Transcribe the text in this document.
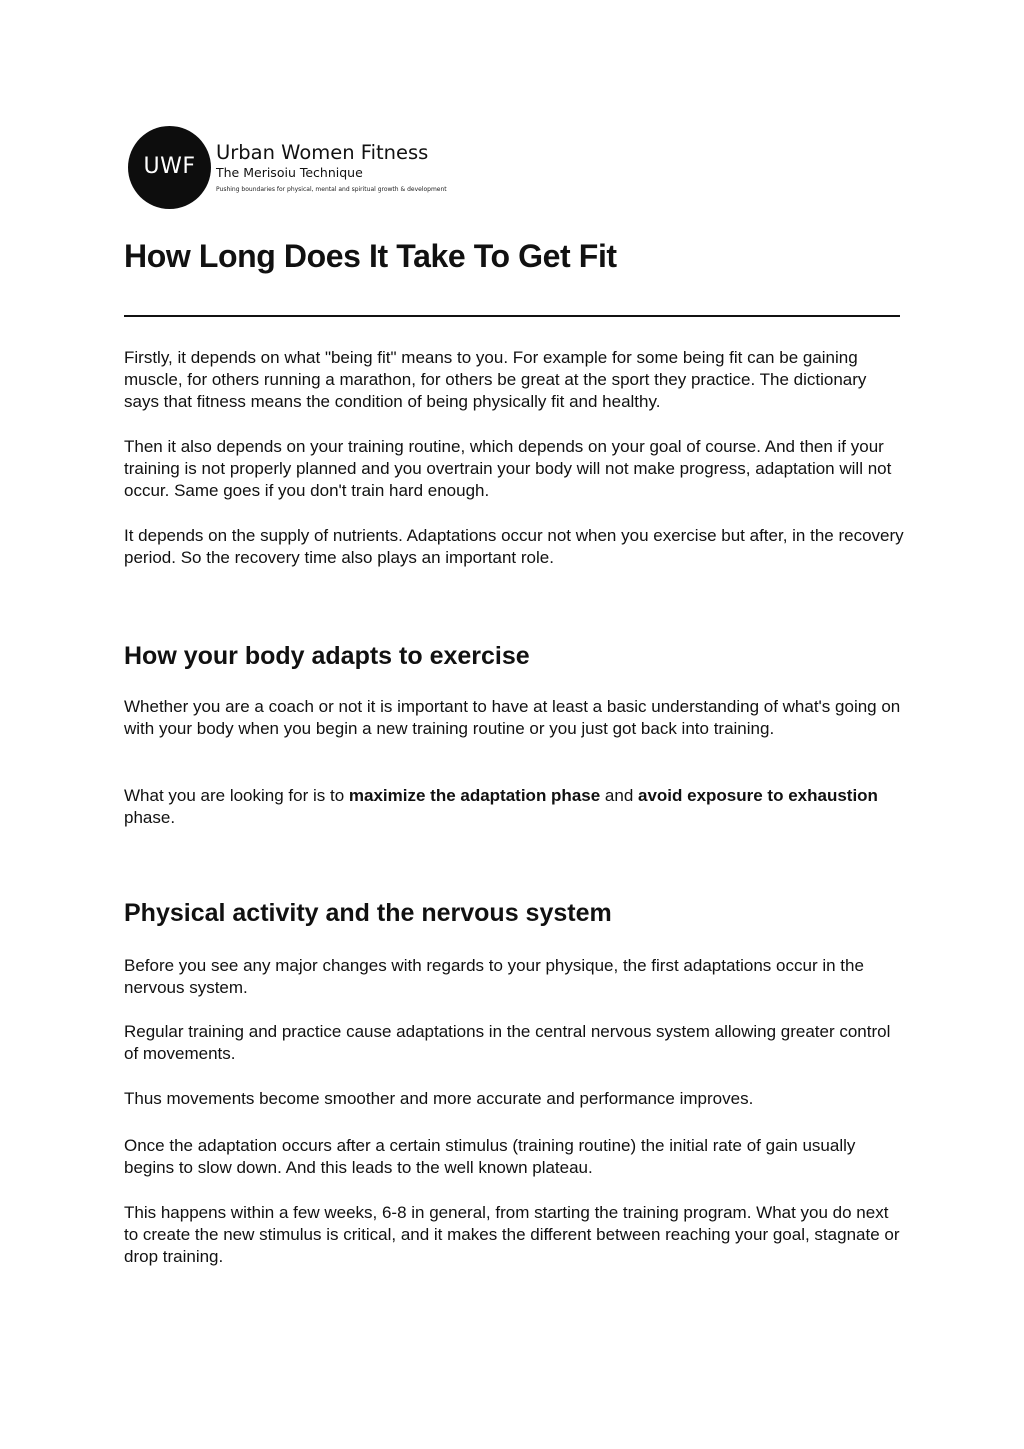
UWF
Urban Women Fitness
The Merisoiu Technique
Pushing boundaries for physical, mental and spiritual growth & development
How Long Does It Take To Get Fit

Firstly, it depends on what "being fit" means to you. For example for some being fit can be gaining muscle, for others running a marathon, for others be great at the sport they practice. The dictionary says that fitness means the condition of being physically fit and healthy.

Then it also depends on your training routine, which depends on your goal of course. And then if your training is not properly planned and you overtrain your body will not make progress, adaptation will not occur. Same goes if you don't train hard enough.

It depends on the supply of nutrients. Adaptations occur not when you exercise but after, in the recovery period. So the recovery time also plays an important role.

How your body adapts to exercise

Whether you are a coach or not it is important to have at least a basic understanding of what's going on with your body when you begin a new training routine or you just got back into training.

What you are looking for is to maximize the adaptation phase and avoid exposure to exhaustion phase.

Physical activity and the nervous system

Before you see any major changes with regards to your physique, the first adaptations occur in the nervous system.

Regular training and practice cause adaptations in the central nervous system allowing greater control of movements.

Thus movements become smoother and more accurate and performance improves.

Once the adaptation occurs after a certain stimulus (training routine) the initial rate of gain usually begins to slow down. And this leads to the well known plateau.

This happens within a few weeks, 6-8 in general, from starting the training program. What you do next to create the new stimulus is critical, and it makes the different between reaching your goal, stagnate or drop training.
